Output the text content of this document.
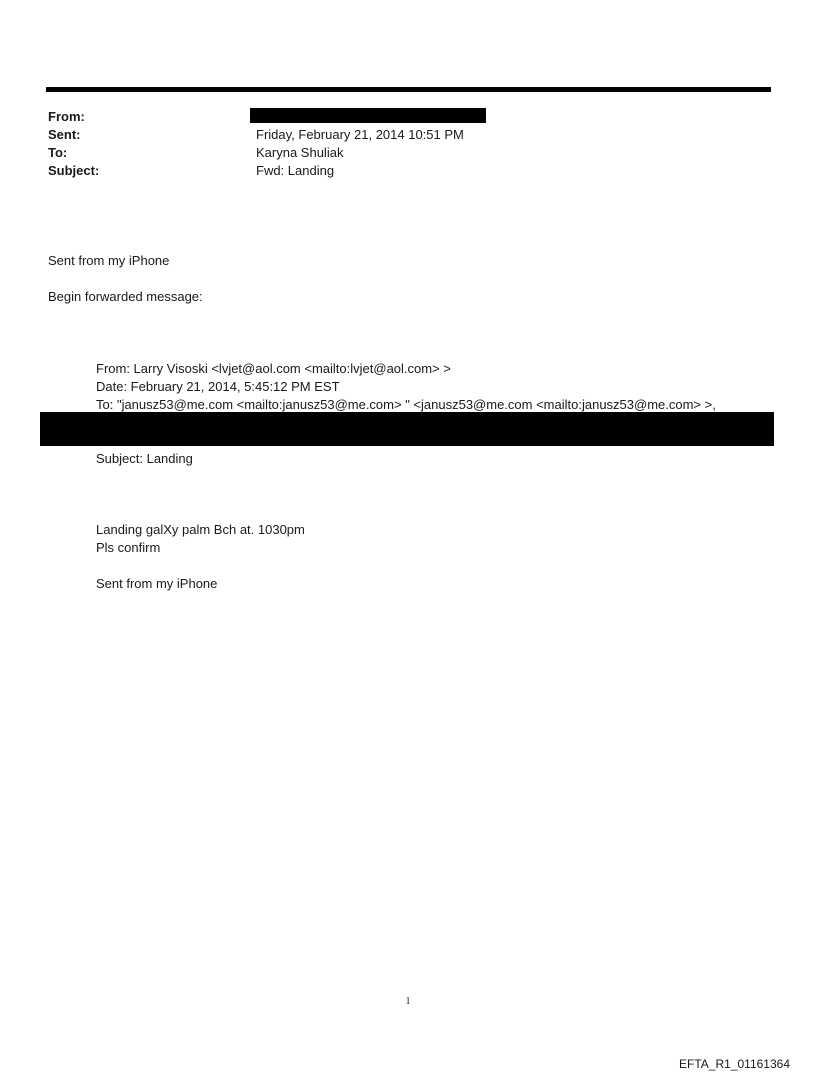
From:
Sent:
To:
Subject:
Friday, February 21, 2014 10:51 PM
Karyna Shuliak
Fwd: Landing
Sent from my iPhone
Begin forwarded message:
From: Larry Visoski <lvjet@aol.com <mailto:lvjet@aol.com> >
Date: February 21, 2014, 5:45:12 PM EST
To: "janusz53@me.com <mailto:janusz53@me.com> " <janusz53@me.com <mailto:janusz53@me.com> >,
Subject: Landing
Landing galXy palm Bch at. 1030pm
Pls confirm
Sent from my iPhone
1
EFTA_R1_01161364
